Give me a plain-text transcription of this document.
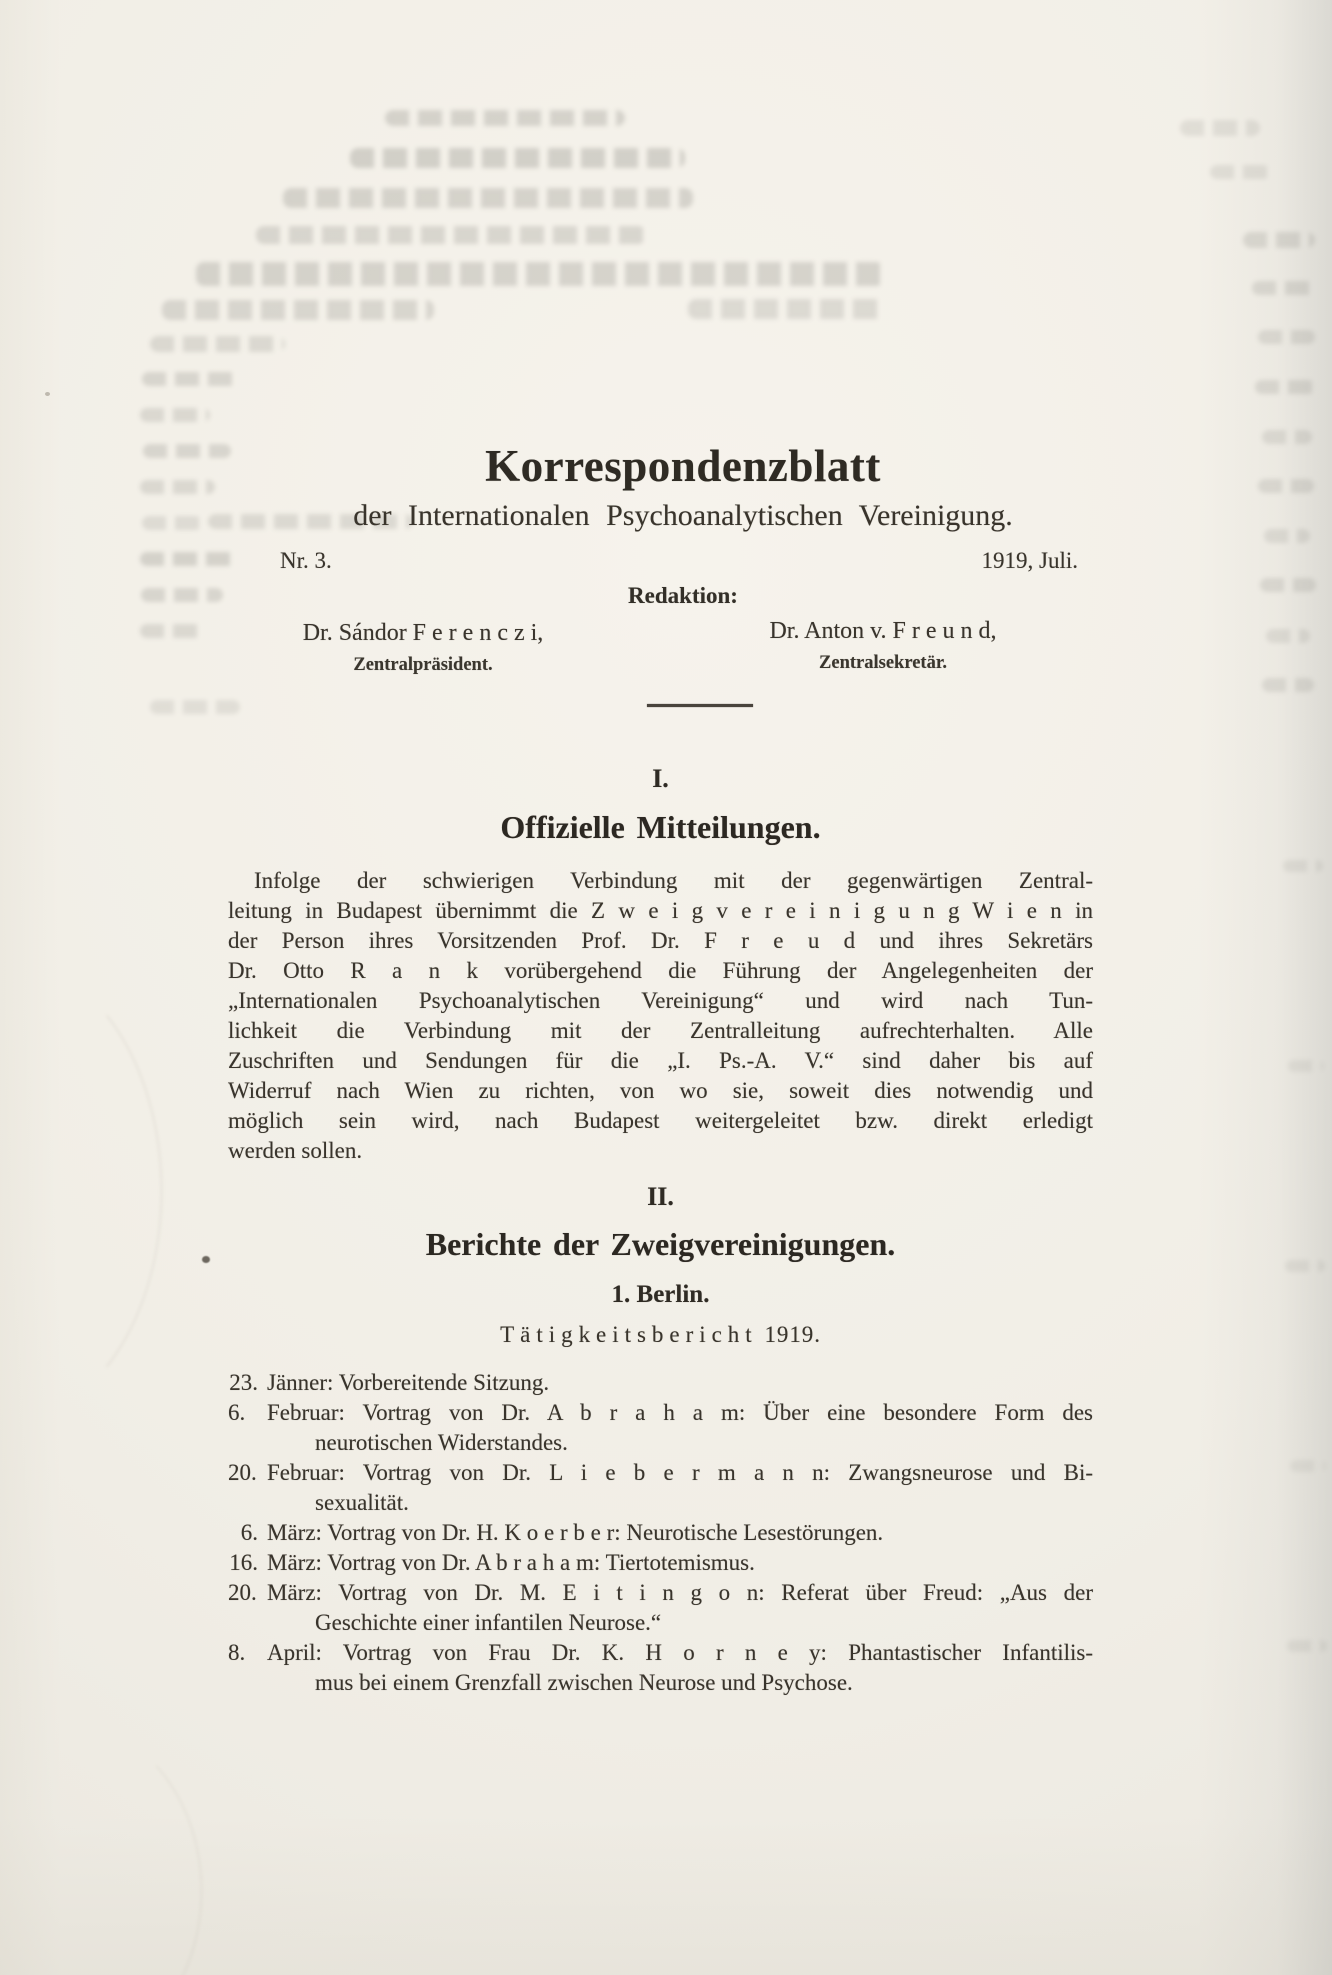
Korrespondenzblatt
der Internationalen Psychoanalytischen Vereinigung.
Nr. 3.	1919, Juli.
Redaktion:
Dr. Sándor F e r e n c z i,
Zentralpräsident.
Dr. Anton v. F r e u n d,
Zentralsekretär.
I.
Offizielle Mitteilungen.
Infolge der schwierigen Verbindung mit der gegenwärtigen Zentral-
leitung in Budapest übernimmt die Z w e i g v e r e i n i g u n g W i e n in
der Person ihres Vorsitzenden Prof. Dr. F r e u d und ihres Sekretärs
Dr. Otto R a n k vorübergehend die Führung der Angelegenheiten der
„Internationalen Psychoanalytischen Vereinigung“ und wird nach Tun-
lichkeit die Verbindung mit der Zentralleitung aufrechterhalten. Alle
Zuschriften und Sendungen für die „I. Ps.-A. V.“ sind daher bis auf
Widerruf nach Wien zu richten, von wo sie, soweit dies notwendig und
möglich sein wird, nach Budapest weitergeleitet bzw. direkt erledigt
werden sollen.
II.
Berichte der Zweigvereinigungen.
1. Berlin.
Tätigkeitsbericht 1919.
23. Jänner: Vorbereitende Sitzung.
6. Februar: Vortrag von Dr. A b r a h a m: Über eine besondere Form des
neurotischen Widerstandes.
20. Februar: Vortrag von Dr. L i e b e r m a n n: Zwangsneurose und Bi-
sexualität.
6. März: Vortrag von Dr. H. K o e r b e r: Neurotische Lesestörungen.
16. März: Vortrag von Dr. A b r a h a m: Tiertotemismus.
20. März: Vortrag von Dr. M. E i t i n g o n: Referat über Freud: „Aus der
Geschichte einer infantilen Neurose.“
8. April: Vortrag von Frau Dr. K. H o r n e y: Phantastischer Infantilis-
mus bei einem Grenzfall zwischen Neurose und Psychose.
